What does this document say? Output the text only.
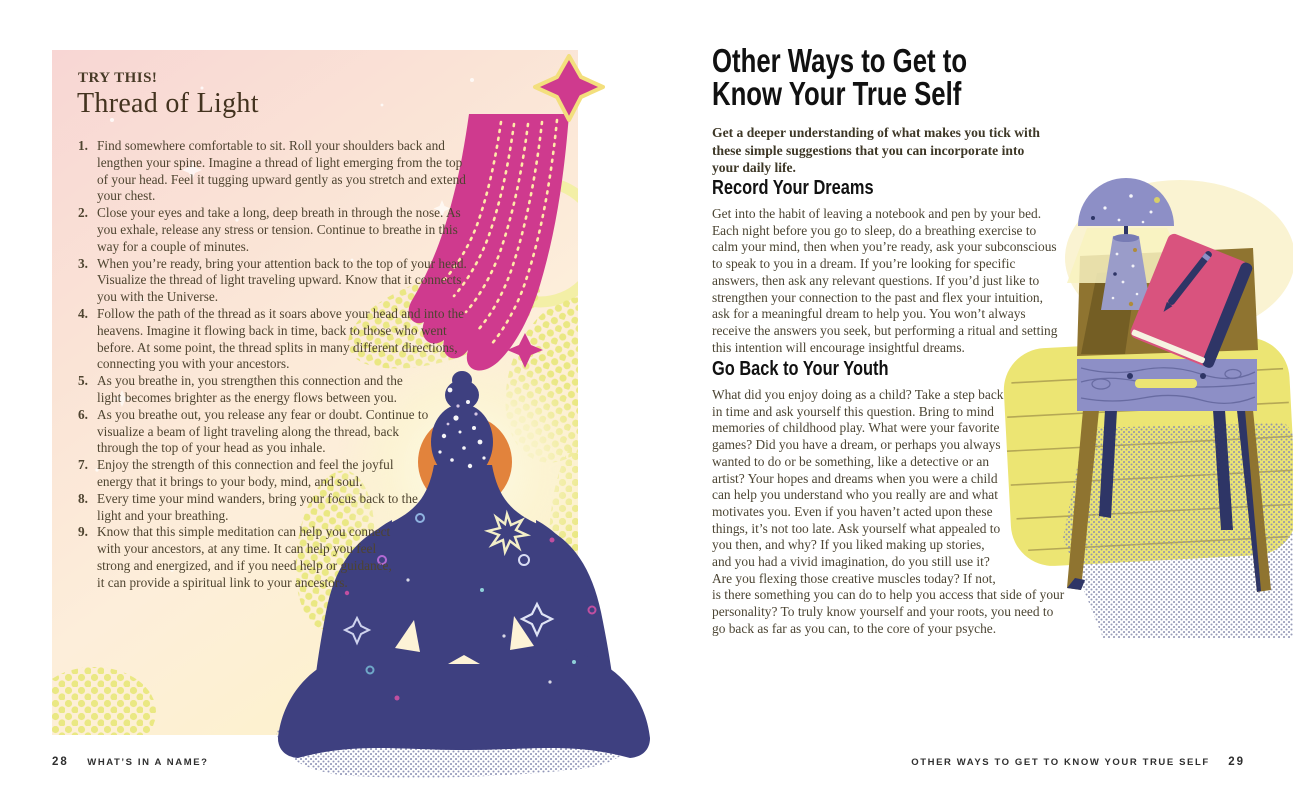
TRY THIS!
Thread of Light
Find somewhere comfortable to sit. Roll your shoulders back and lengthen your spine. Imagine a thread of light emerging from the top of your head. Feel it tugging upward gently as you stretch and extend your chest.
Close your eyes and take a long, deep breath in through the nose. As you exhale, release any stress or tension. Continue to breathe in this way for a couple of minutes.
When you’re ready, bring your attention back to the top of your head. Visualize the thread of light traveling upward. Know that it connects you with the Universe.
Follow the path of the thread as it soars above your head and into the heavens. Imagine it flowing back in time, back to those who went before. At some point, the thread splits in many different directions, connecting you with your ancestors.
As you breathe in, you strengthen this connection and the light becomes brighter as the energy flows between you.
As you breathe out, you release any fear or doubt. Continue to visualize a beam of light traveling along the thread, back through the top of your head as you inhale.
Enjoy the strength of this connection and feel the joyful energy that it brings to your body, mind, and soul.
Every time your mind wanders, bring your focus back to the light and your breathing.
Know that this simple meditation can help you connect with your ancestors, at any time. It can help you feel strong and energized, and if you need help or guidance, it can provide a spiritual link to your ancestors.
Other Ways to Get to
Know Your True Self
Get a deeper understanding of what makes you tick with these simple suggestions that you can incorporate into your daily life.
Record Your Dreams
Get into the habit of leaving a notebook and pen by your bed. Each night before you go to sleep, do a breathing exercise to calm your mind, then when you’re ready, ask your subconscious to speak to you in a dream. If you’re looking for specific answers, then ask any relevant questions. If you’d just like to strengthen your connection to the past and flex your intuition, ask for a meaningful dream to help you. You won’t always receive the answers you seek, but performing a ritual and setting this intention will encourage insightful dreams.
Go Back to Your Youth
What did you enjoy doing as a child? Take a step back in time and ask yourself this question. Bring to mind memories of childhood play. What were your favorite games? Did you have a dream, or perhaps you always wanted to do or be something, like a detective or an artist? Your hopes and dreams when you were a child can help you understand who you really are and what motivates you. Even if you haven’t acted upon these things, it’s not too late. Ask yourself what appealed to you then, and why? If you liked making up stories, and you had a vivid imagination, do you still use it? Are you flexing those creative muscles today? If not, is there something you can do to help you access that side of your personality? To truly know yourself and your roots, you need to go back as far as you can, to the core of your psyche.
28 WHAT’S IN A NAME?	OTHER WAYS TO GET TO KNOW YOUR TRUE SELF 29
